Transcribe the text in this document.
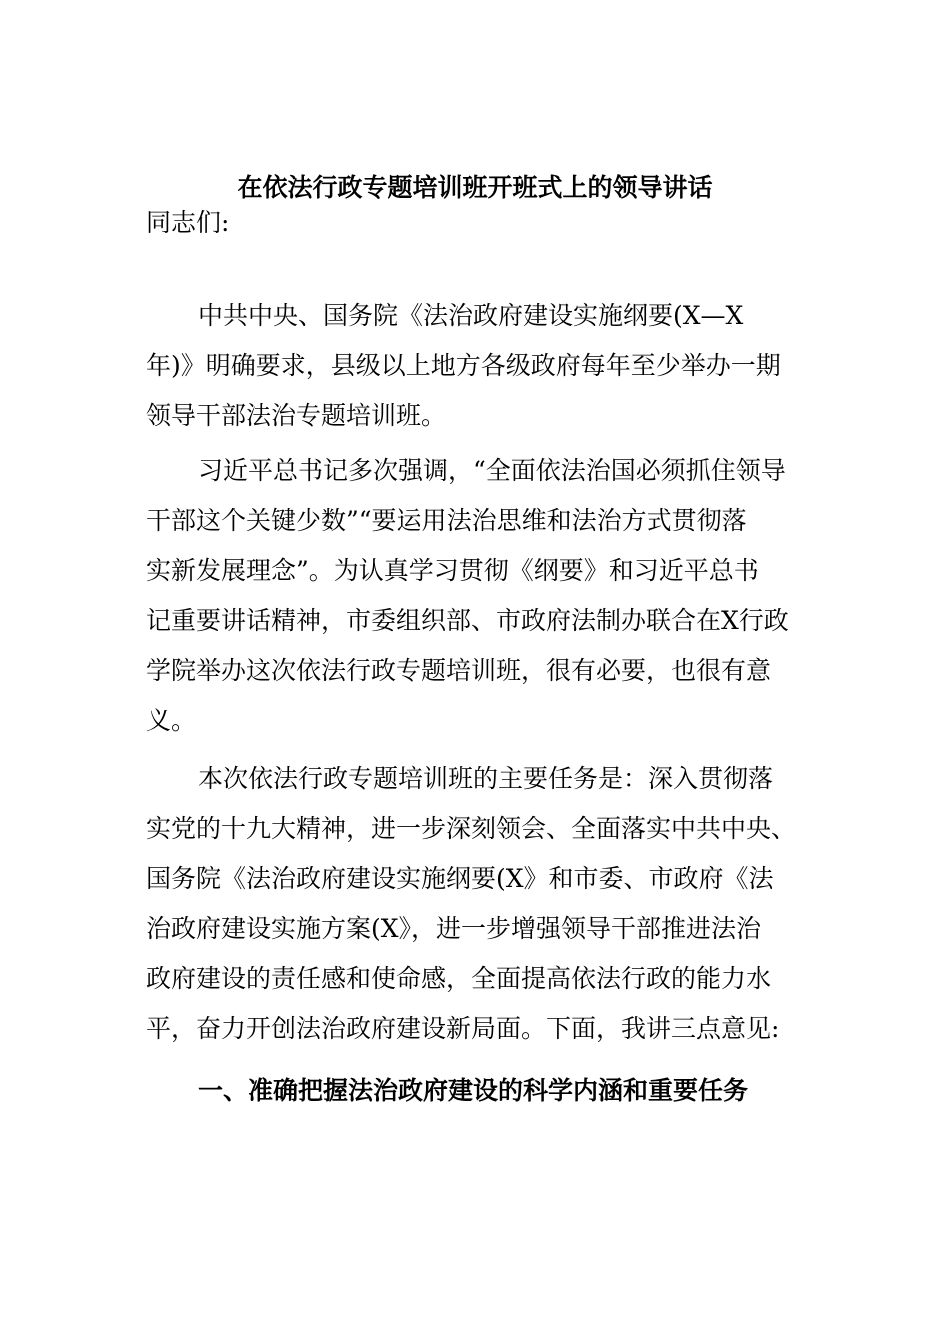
在依法行政专题培训班开班式上的领导讲话
同志们:
中共中央、国务院《法治政府建设实施纲要(X—X
年)》明确要求，县级以上地方各级政府每年至少举办一期
领导干部法治专题培训班。
习近平总书记多次强调，“全面依法治国必须抓住领导
干部这个关键少数”“要运用法治思维和法治方式贯彻落
实新发展理念”。为认真学习贯彻《纲要》和习近平总书
记重要讲话精神，市委组织部、市政府法制办联合在X行政
学院举办这次依法行政专题培训班，很有必要，也很有意
义。
本次依法行政专题培训班的主要任务是：深入贯彻落
实党的十九大精神，进一步深刻领会、全面落实中共中央、
国务院《法治政府建设实施纲要(X》和市委、市政府《法
治政府建设实施方案(X》，进一步增强领导干部推进法治
政府建设的责任感和使命感，全面提高依法行政的能力水
平，奋力开创法治政府建设新局面。下面，我讲三点意见:
一、准确把握法治政府建设的科学内涵和重要任务
